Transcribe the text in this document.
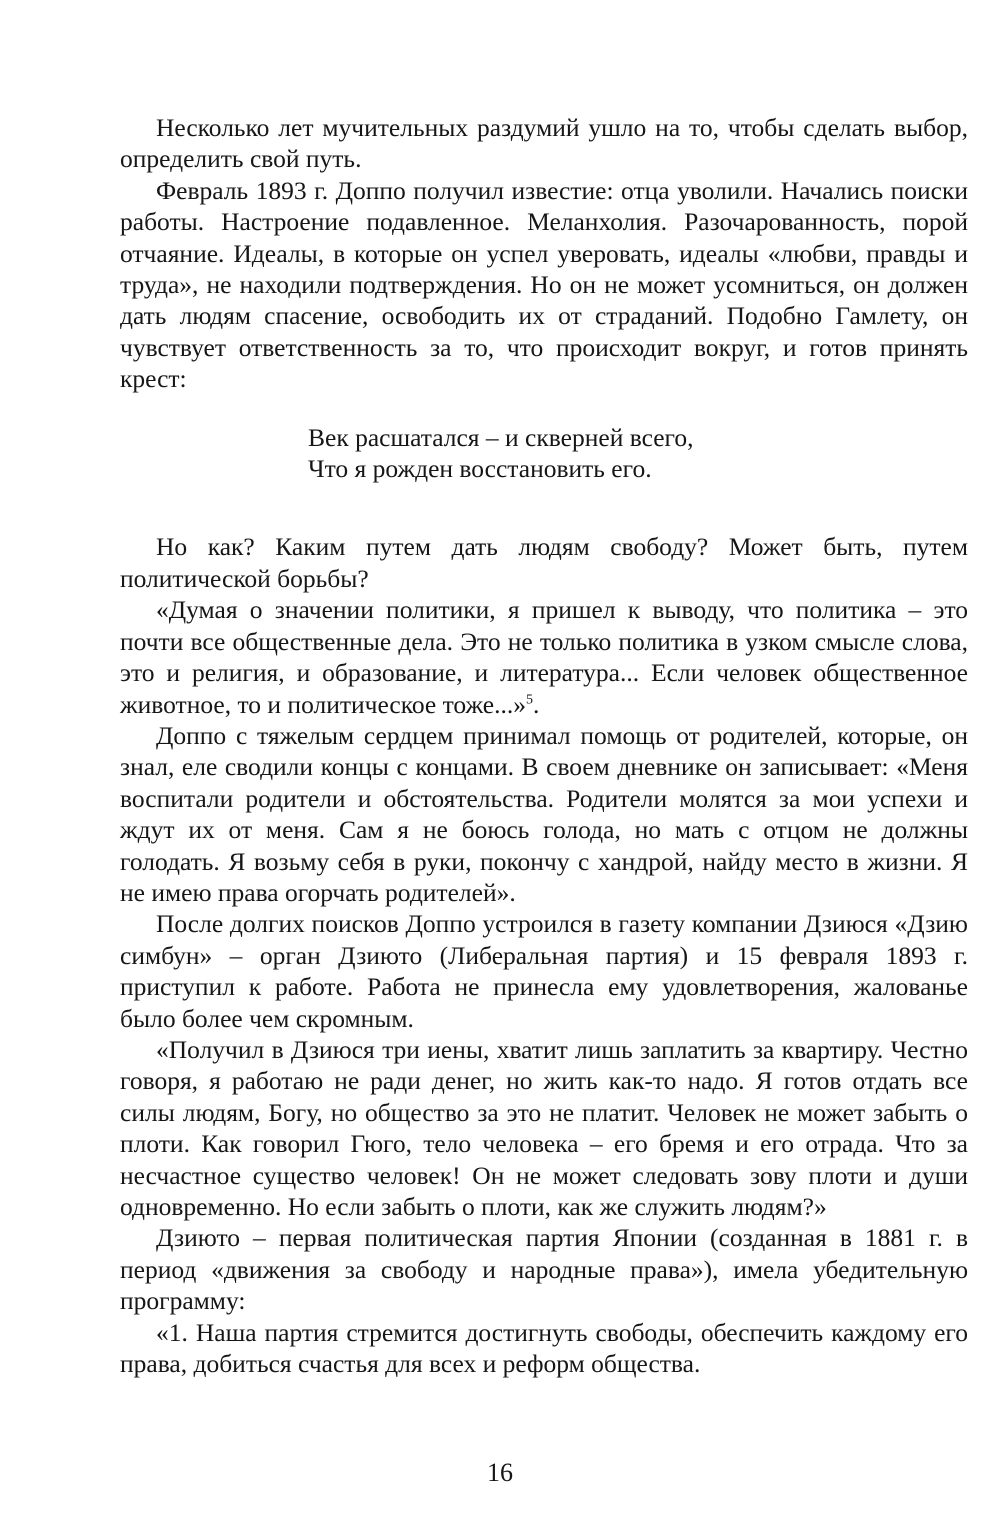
Несколько лет мучительных раздумий ушло на то, чтобы сделать выбор, определить свой путь.

Февраль 1893 г. Доппо получил известие: отца уволили. Начались поиски работы. Настроение подавленное. Меланхолия. Разочарованность, порой отчаяние. Идеалы, в которые он успел уверовать, идеалы «любви, правды и труда», не находили подтверждения. Но он не может усомниться, он должен дать людям спасение, освободить их от страданий. Подобно Гамлету, он чувствует ответственность за то, что происходит вокруг, и готов принять крест:

Век расшатался – и скверней всего,
Что я рожден восстановить его.

Но как? Каким путем дать людям свободу? Может быть, путем политической борьбы?

«Думая о значении политики, я пришел к выводу, что политика – это почти все общественные дела. Это не только политика в узком смысле слова, это и религия, и образование, и литература... Если человек общественное животное, то и политическое тоже...»$^5$.

Доппо с тяжелым сердцем принимал помощь от родителей, которые, он знал, еле сводили концы с концами. В своем дневнике он записывает: «Меня воспитали родители и обстоятельства. Родители молятся за мои успехи и ждут их от меня. Сам я не боюсь голода, но мать с отцом не должны голодать. Я возьму себя в руки, покончу с хандрой, найду место в жизни. Я не имею права огорчать родителей».

После долгих поисков Доппо устроился в газету компании Дзиюся «Дзию симбун» – орган Дзиюто (Либеральная партия) и 15 февраля 1893 г. приступил к работе. Работа не принесла ему удовлетворения, жалованье было более чем скромным.

«Получил в Дзиюся три иены, хватит лишь заплатить за квартиру. Честно говоря, я работаю не ради денег, но жить как-то надо. Я готов отдать все силы людям, Богу, но общество за это не платит. Человек не может забыть о плоти. Как говорил Гюго, тело человека – его бремя и его отрада. Что за несчастное существо человек! Он не может следовать зову плоти и души одновременно. Но если забыть о плоти, как же служить людям?»

Дзиюто – первая политическая партия Японии (созданная в 1881 г. в период «движения за свободу и народные права»), имела убедительную программу:

«1. Наша партия стремится достигнуть свободы, обеспечить каждому его права, добиться счастья для всех и реформ общества.

16
